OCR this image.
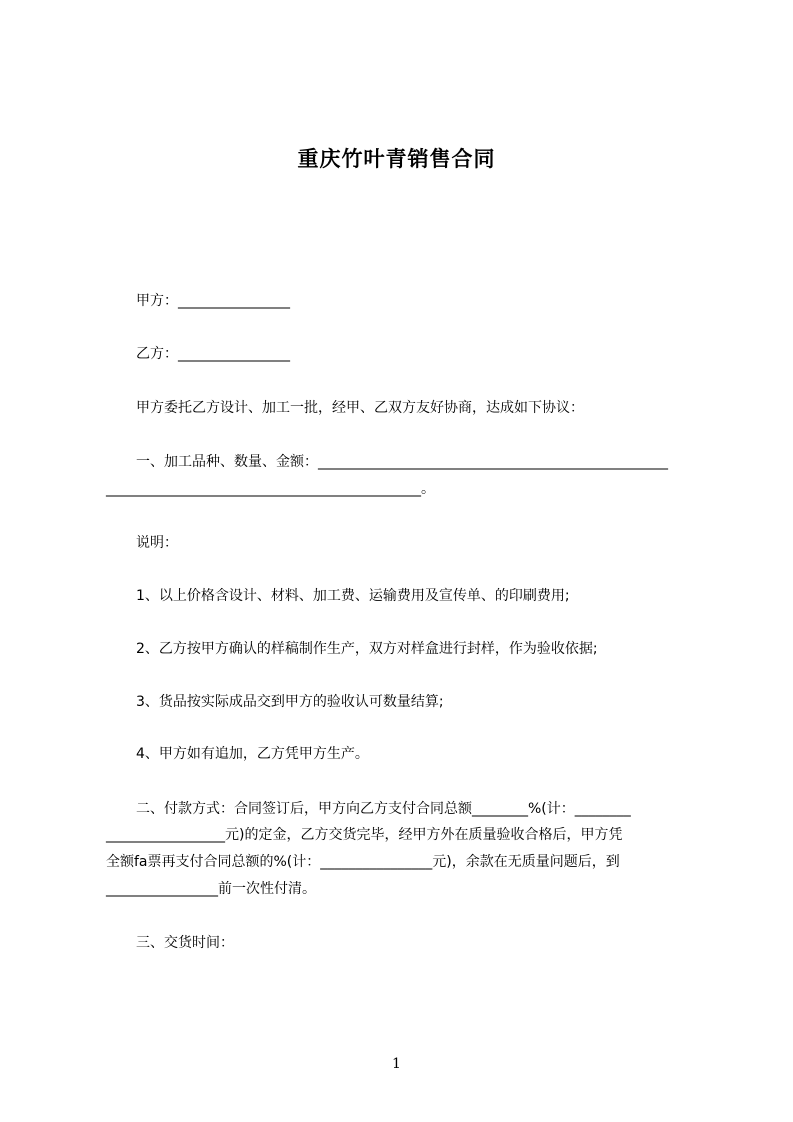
重庆竹叶青销售合同
甲方：________________
乙方：________________
甲方委托乙方设计、加工一批，经甲、乙双方友好协商，达成如下协议：
一、加工品种、数量、金额：__________________________________________________
_____________________________________________。
说明：
1、以上价格含设计、材料、加工费、运输费用及宣传单、的印刷费用;
2、乙方按甲方确认的样稿制作生产，双方对样盒进行封样，作为验收依据;
3、货品按实际成品交到甲方的验收认可数量结算;
4、甲方如有追加，乙方凭甲方生产。
二、付款方式：合同签订后，甲方向乙方支付合同总额________%(计：________
_________________元)的定金，乙方交货完毕，经甲方外在质量验收合格后，甲方凭
全额fa票再支付合同总额的%(计：________________元)，余款在无质量问题后，到
________________前一次性付清。
三、交货时间：
1
